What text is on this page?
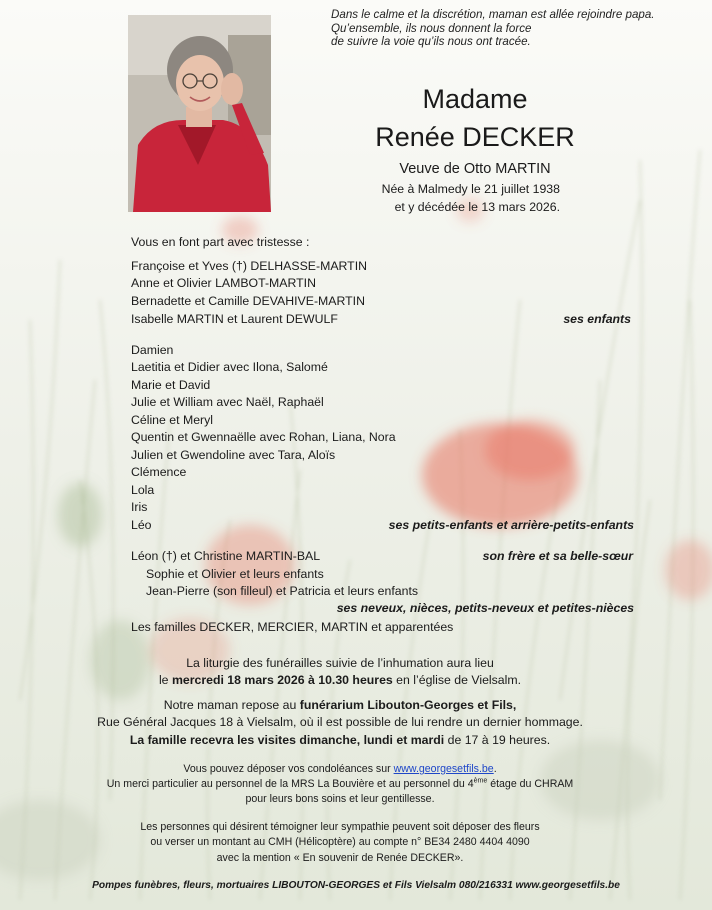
Dans le calme et la discrétion, maman est allée rejoindre papa.
Qu’ensemble, ils nous donnent la force
de suivre la voie qu’ils nous ont tracée.
Madame
Renée DECKER
Veuve de Otto MARTIN
Née à Malmedy le 21 juillet 1938
et y décédée le 13 mars 2026.
Vous en font part avec tristesse :
Françoise et Yves (†) DELHASSE-MARTIN
Anne et Olivier LAMBOT-MARTIN
Bernadette et Camille DEVAHIVE-MARTIN
Isabelle MARTIN et Laurent DEWULF	ses enfants
Damien
Laetitia et Didier avec Ilona, Salomé
Marie et David
Julie et William avec Naël, Raphaël
Céline et Meryl
Quentin et Gwennaëlle avec Rohan, Liana, Nora
Julien et Gwendoline avec Tara, Aloïs
Clémence
Lola
Iris
Léo	ses petits-enfants et arrière-petits-enfants
Léon (†) et Christine MARTIN-BAL	son frère et sa belle-sœur
Sophie et Olivier et leurs enfants
Jean-Pierre (son filleul) et Patricia et leurs enfants
ses neveux, nièces, petits-neveux et petites-nièces
Les familles DECKER, MERCIER, MARTIN et apparentées
La liturgie des funérailles suivie de l’inhumation aura lieu
le mercredi 18 mars 2026 à 10.30 heures en l’église de Vielsalm.
Notre maman repose au funérarium Libouton-Georges et Fils,
Rue Général Jacques 18 à Vielsalm, où il est possible de lui rendre un dernier hommage.
La famille recevra les visites dimanche, lundi et mardi de 17 à 19 heures.
Vous pouvez déposer vos condoléances sur www.georgesetfils.be.
Un merci particulier au personnel de la MRS La Bouvière et au personnel du 4ème étage du CHRAM
pour leurs bons soins et leur gentillesse.
Les personnes qui désirent témoigner leur sympathie peuvent soit déposer des fleurs
ou verser un montant au CMH (Hélicoptère) au compte n° BE34 2480 4404 4090
avec la mention « En souvenir de Renée DECKER».
Pompes funèbres, fleurs, mortuaires LIBOUTON-GEORGES et Fils Vielsalm 080/216331 www.georgesetfils.be
